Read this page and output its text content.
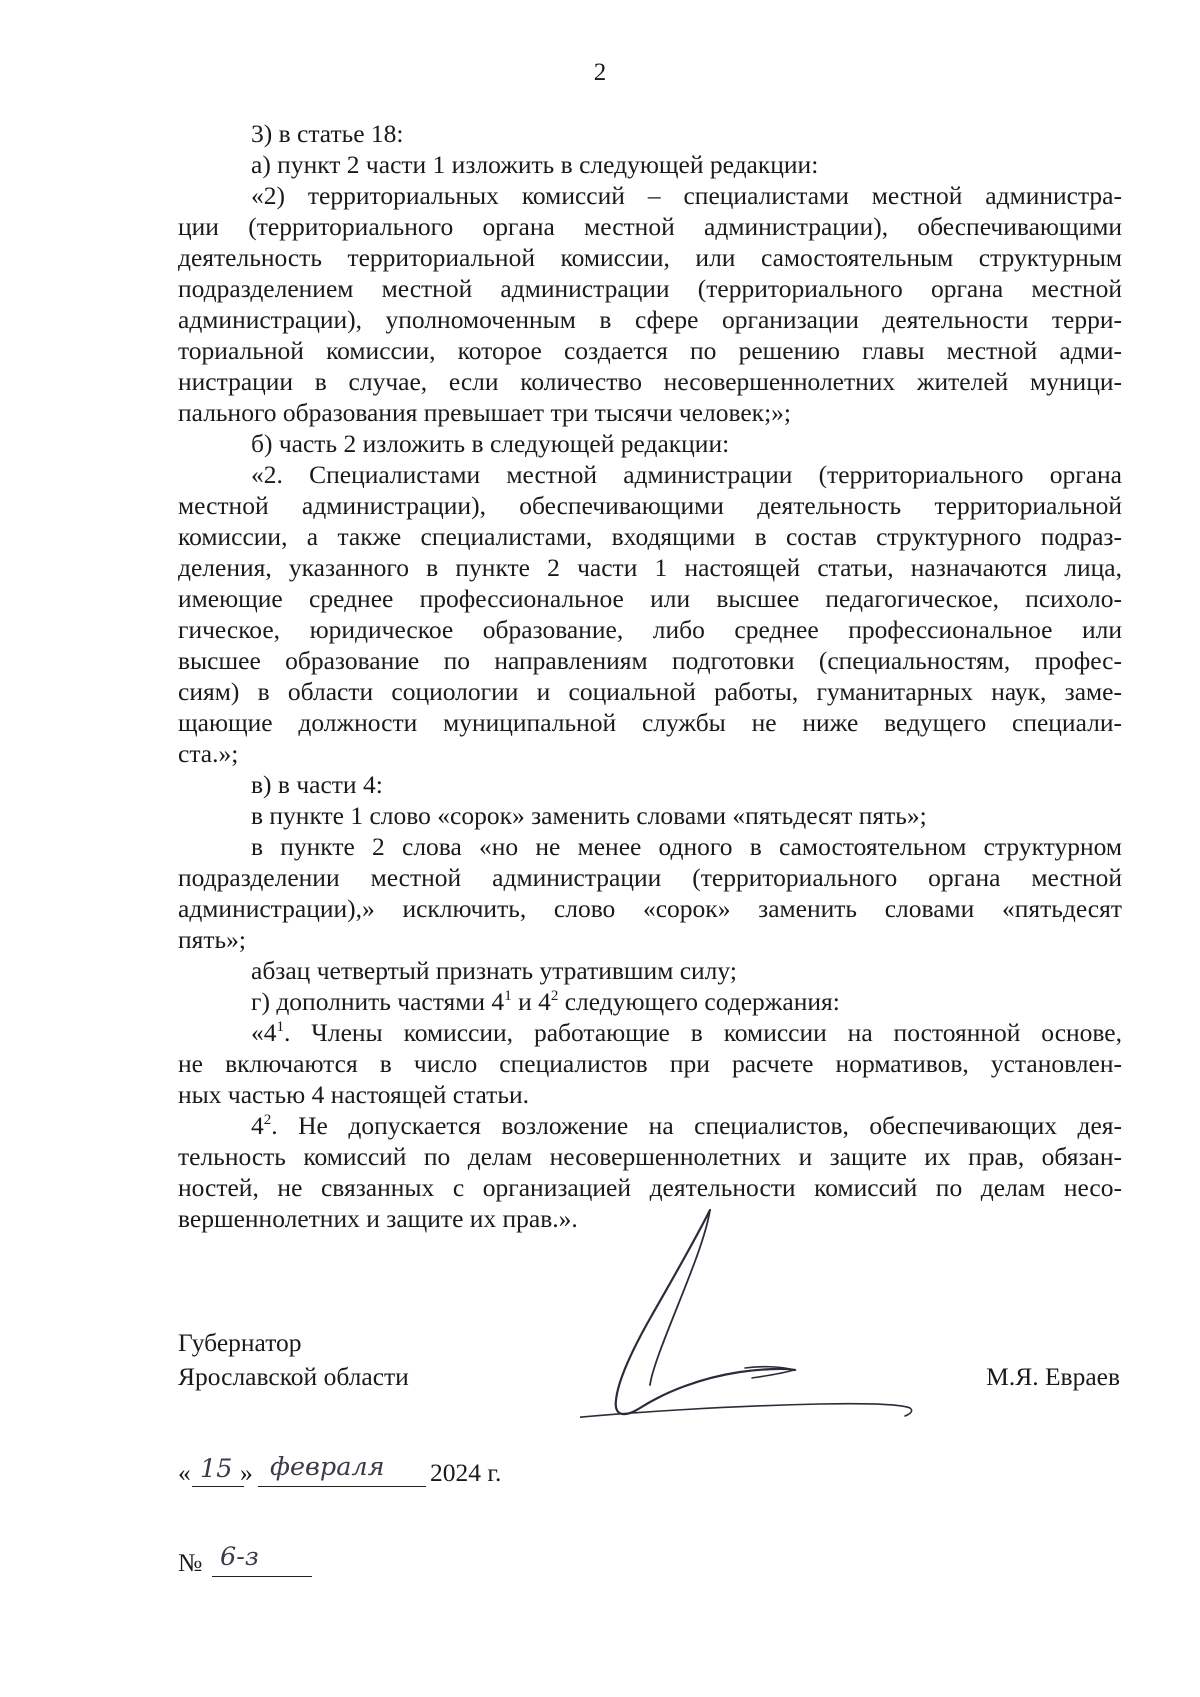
2

3) в статье 18:

а) пункт 2 части 1 изложить в следующей редакции:

«2) территориальных комиссий – специалистами местной администра-
ции (территориального органа местной администрации), обеспечивающими
деятельность территориальной комиссии, или самостоятельным структурным
подразделением местной администрации (территориального органа местной
администрации), уполномоченным в сфере организации деятельности терри-
ториальной комиссии, которое создается по решению главы местной адми-
нистрации в случае, если количество несовершеннолетних жителей муници-
пального образования превышает три тысячи человек;»;

б) часть 2 изложить в следующей редакции:

«2. Специалистами местной администрации (территориального органа
местной администрации), обеспечивающими деятельность территориальной
комиссии, а также специалистами, входящими в состав структурного подраз-
деления, указанного в пункте 2 части 1 настоящей статьи, назначаются лица,
имеющие среднее профессиональное или высшее педагогическое, психоло-
гическое, юридическое образование, либо среднее профессиональное или
высшее образование по направлениям подготовки (специальностям, профес-
сиям) в области социологии и социальной работы, гуманитарных наук, заме-
щающие должности муниципальной службы не ниже ведущего специали-
ста.»;

в) в части 4:

в пункте 1 слово «сорок» заменить словами «пятьдесят пять»;

в пункте 2 слова «но не менее одного в самостоятельном структурном
подразделении местной администрации (территориального органа местной
администрации),» исключить, слово «сорок» заменить словами «пятьдесят
пять»;

абзац четвертый признать утратившим силу;

г) дополнить частями $4^1$ и $4^2$ следующего содержания:

«$4^1$. Члены комиссии, работающие в комиссии на постоянной основе,
не включаются в число специалистов при расчете нормативов, установлен-
ных частью 4 настоящей статьи.
$4^2$. Не допускается возложение на специалистов, обеспечивающих дея-
тельность комиссий по делам несовершеннолетних и защите их прав, обязан-
ностей, не связанных с организацией деятельности комиссий по делам несо-
вершеннолетних и защите их прав.».
Губернатор
Ярославской области	М.Я. Евраев
« 15 » февраля 2024 г.
№ 6-з
